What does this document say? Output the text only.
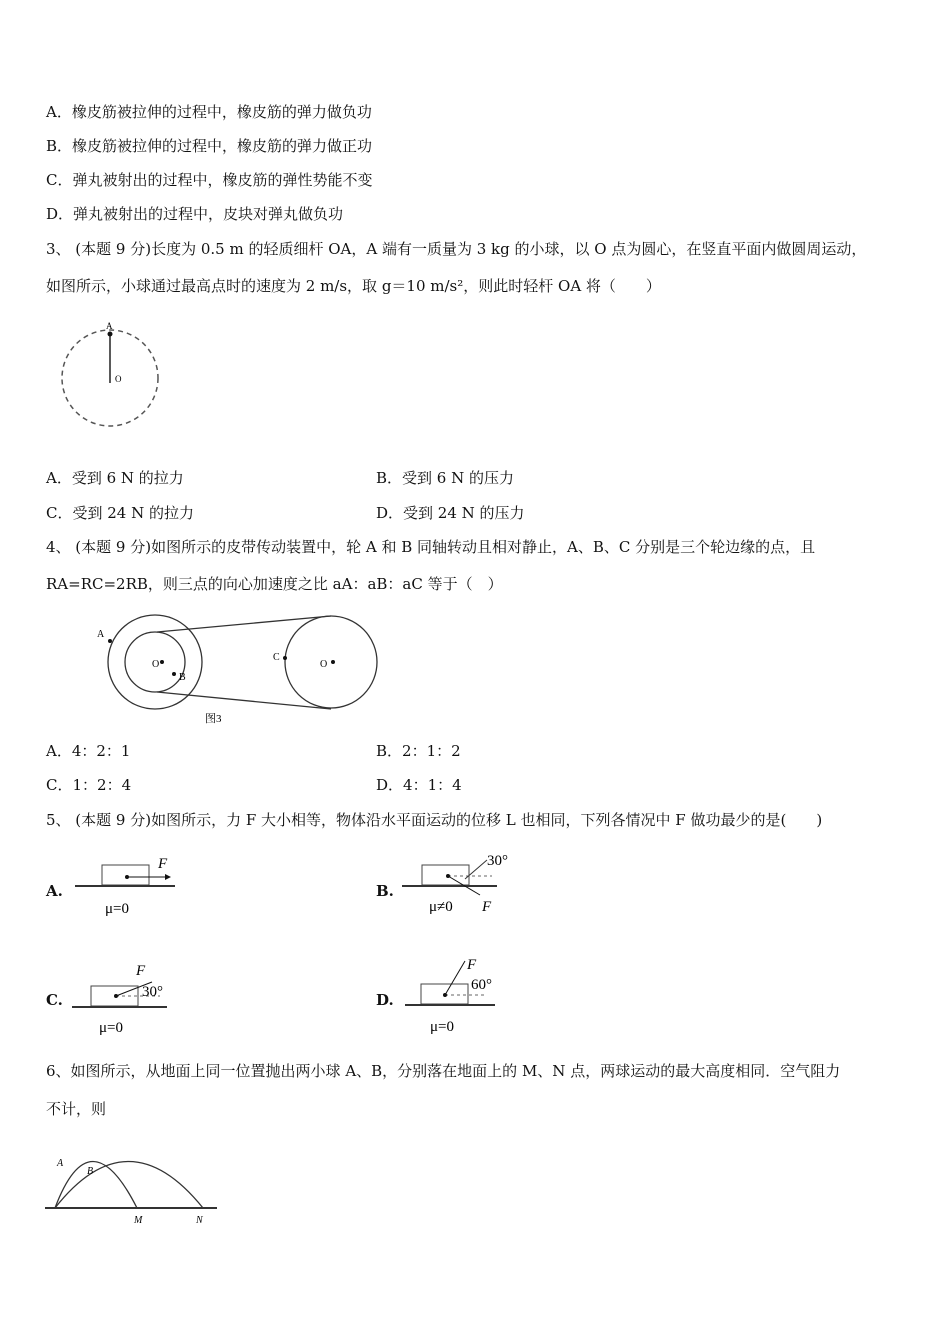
A．橡皮筋被拉伸的过程中，橡皮筋的弹力做负功
B．橡皮筋被拉伸的过程中，橡皮筋的弹力做正功
C．弹丸被射出的过程中，橡皮筋的弹性势能不变
D．弹丸被射出的过程中，皮块对弹丸做负功
3、 (本题 9 分)长度为 0.5 m 的轻质细杆 OA，A 端有一质量为 3 kg 的小球，以 O 点为圆心，在竖直平面内做圆周运动，
如图所示，小球通过最高点时的速度为 2 m/s，取 g＝10 m/s²，则此时轻杆 OA 将（　　）
A
O
A．受到 6 N 的拉力	B．受到 6 N 的压力
C．受到 24 N 的拉力	D．受到 24 N 的压力
4、 (本题 9 分)如图所示的皮带传动装置中，轮 A 和 B 同轴转动且相对静止，A、B、C 分别是三个轮边缘的点，且
RA=RC=2RB，则三点的向心加速度之比 aA：aB：aC 等于（　）
A
O
B
C
O
图3
A．4：2：1	B．2：1：2
C．1：2：4	D．4：1：4
5、 (本题 9 分)如图所示，力 F 大小相等，物体沿水平面运动的位移 L 也相同，下列各情况中 F 做功最少的是(　　)
A.
F
μ=0
B.
30°
F
μ≠0
C.
F
30°
μ=0
D.
F
60°
μ=0
6、如图所示，从地面上同一位置抛出两小球 A、B，分别落在地面上的 M、N 点，两球运动的最大高度相同．空气阻力
不计，则
A
B
M	N
